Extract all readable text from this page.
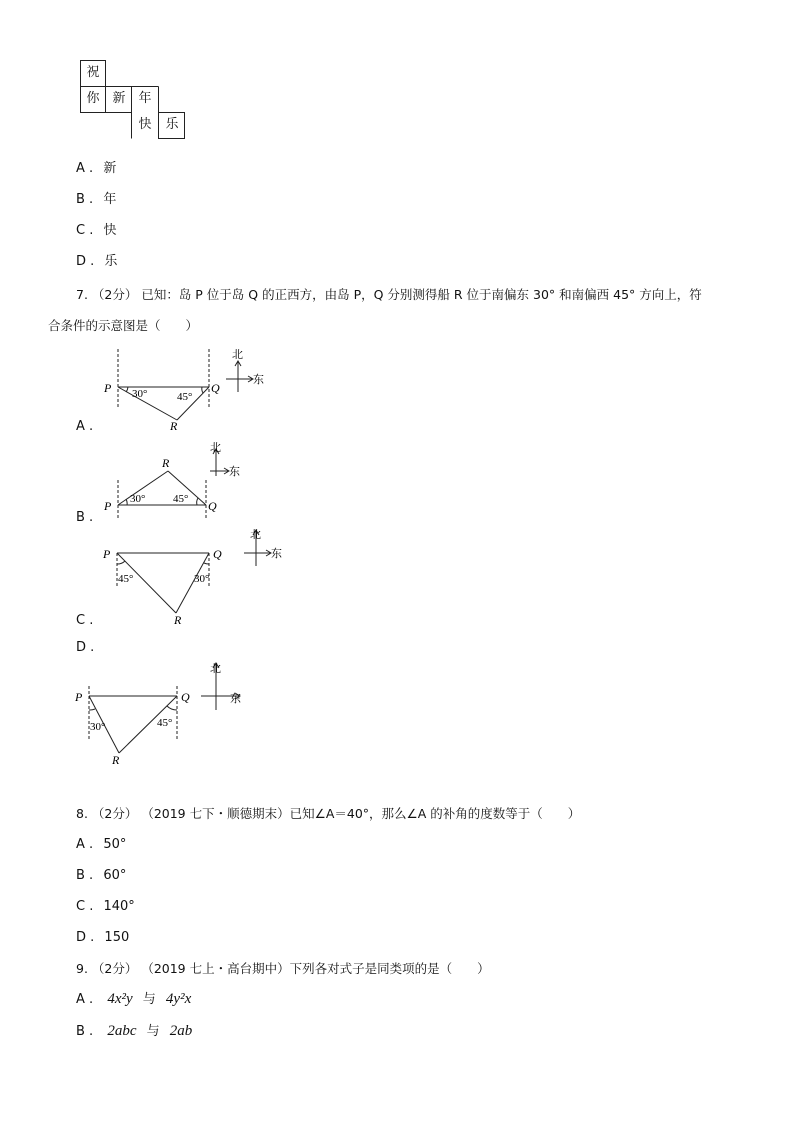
祝
你 新 年
快	乐
A . 新
B . 年
C . 快
D . 乐
7. （2分） 已知：岛 P 位于岛 Q 的正西方，由岛 P，Q 分别测得船 R 位于南偏东 30° 和南偏西 45° 方向上，符
合条件的示意图是（　　）
P	Q
R
30°	45°
北
东
A .
P	Q
R
30°	45°
北
东
B .
P	Q
R
45°	30°
北
东
C .
D .
P	Q
R
30°	45°
北
东
8. （2分） （2019 七下・顺德期末）已知∠A＝40°，那么∠A 的补角的度数等于（　　）
A . 50°
B . 60°
C . 140°
D . 150
9. （2分） （2019 七上・高台期中）下列各对式子是同类项的是（　　）
A . 4x²y 与 4y²x
B . 2abc 与 2ab
